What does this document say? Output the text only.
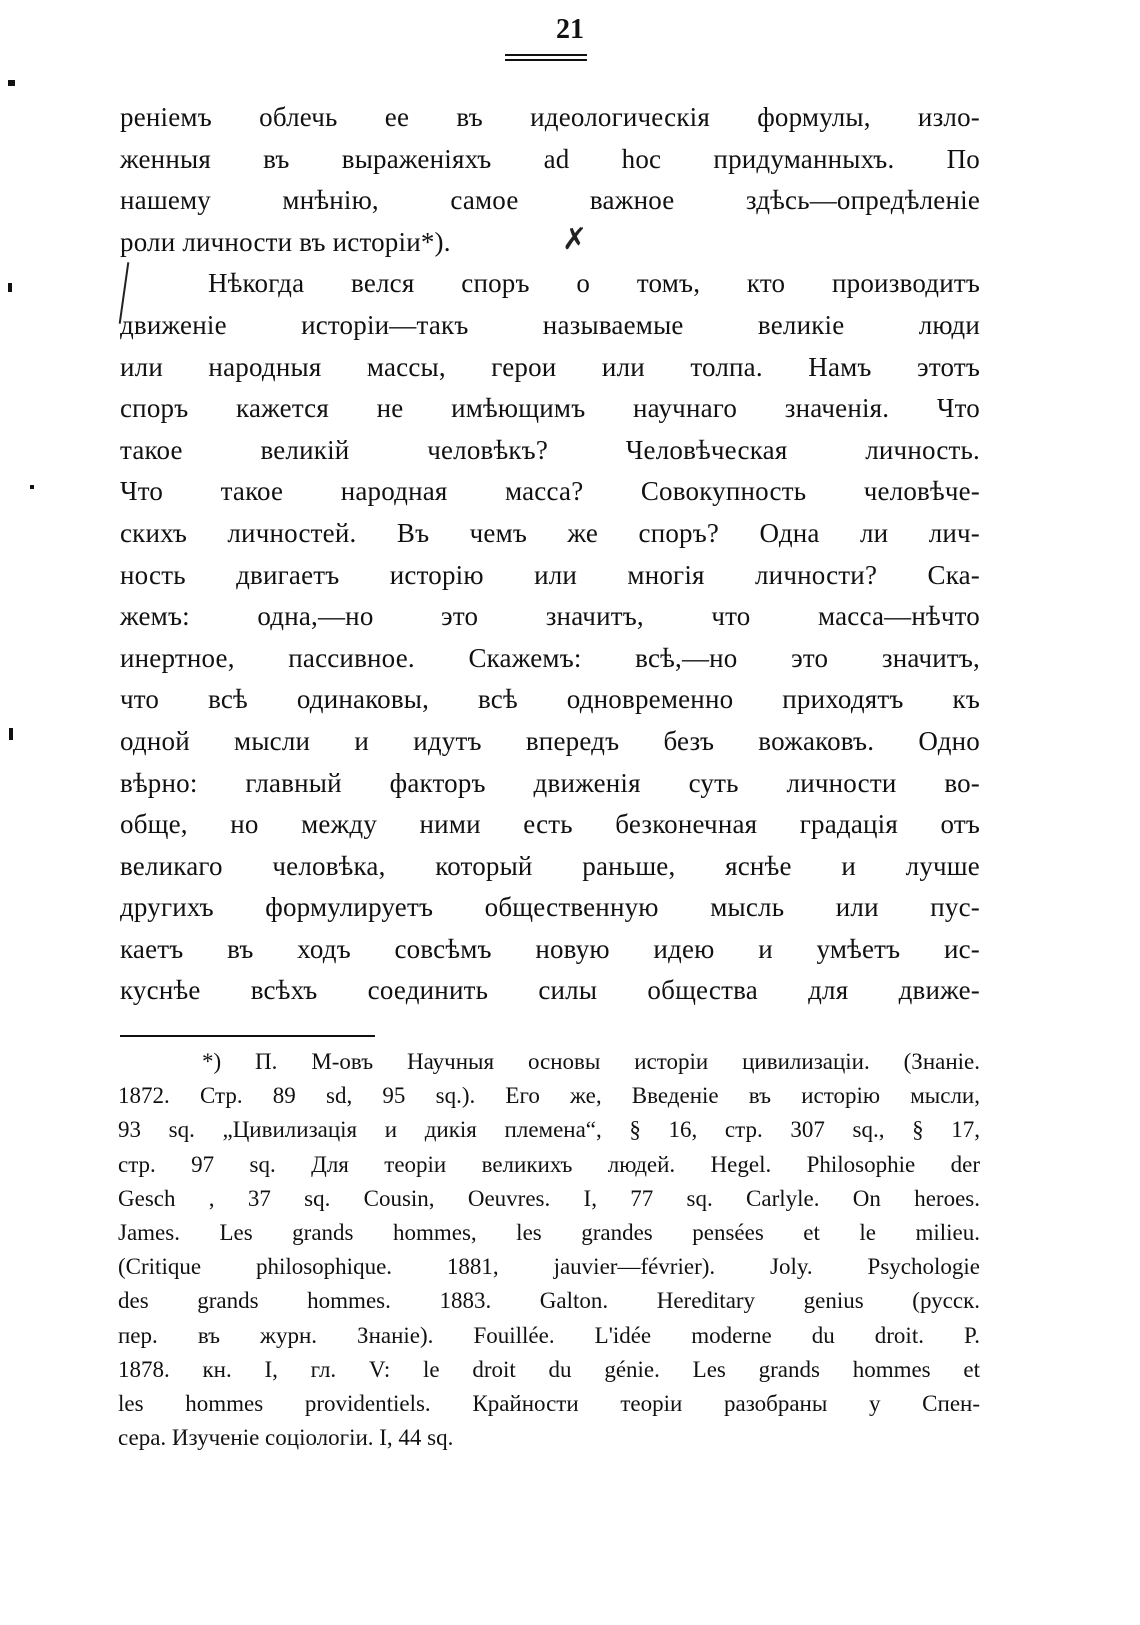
21
✗
реніемъ облечь ее въ идеологическія формулы, изло-
женныя въ выраженіяхъ ad hoc придуманныхъ. По
нашему мнѣнію, самое важное здѣсь—опредѣленіе
роли личности въ исторіи*).
Нѣкогда велся споръ о томъ, кто производитъ
движеніе исторіи—такъ называемые великіе люди
или народныя массы, герои или толпа. Намъ этотъ
споръ кажется не имѣющимъ научнаго значенія. Что
такое великій человѣкъ? Человѣческая личность.
Что такое народная масса? Совокупность человѣче-
скихъ личностей. Въ чемъ же споръ? Одна ли лич-
ность двигаетъ исторію или многія личности? Ска-
жемъ: одна,—но это значитъ, что масса—нѣчто
инертное, пассивное. Скажемъ: всѣ,—но это значитъ,
что всѣ одинаковы, всѣ одновременно приходятъ къ
одной мысли и идутъ впередъ безъ вожаковъ. Одно
вѣрно: главный факторъ движенія суть личности во-
обще, но между ними есть безконечная градація отъ
великаго человѣка, который раньше, яснѣе и лучше
другихъ формулируетъ общественную мысль или пус-
каетъ въ ходъ совсѣмъ новую идею и умѣетъ ис-
куснѣе всѣхъ соединить силы общества для движе-
*) П. М-овъ Научныя основы исторіи цивилизаціи. (Знаніе.
1872. Стр. 89 sd, 95 sq.). Его же, Введеніе въ исторію мысли,
93 sq. „Цивилизація и дикія племена“, § 16, стр. 307 sq., § 17,
стр. 97 sq. Для теоріи великихъ людей. Hegel. Philosophie der
Gesch , 37 sq. Cousin, Oeuvres. I, 77 sq. Carlyle. On heroes.
James. Les grands hommes, les grandes pensées et le milieu.
(Critique philosophique. 1881, jauvier—février). Joly. Psychologie
des grands hommes. 1883. Galton. Hereditary genius (русск.
пер. въ журн. Знаніе). Fouillée. L'idée moderne du droit. P.
1878. кн. I, гл. V: le droit du génie. Les grands hommes et
les hommes providentiels. Крайности теоріи разобраны у Спен-
сера. Изученіе соціологіи. I, 44 sq.
